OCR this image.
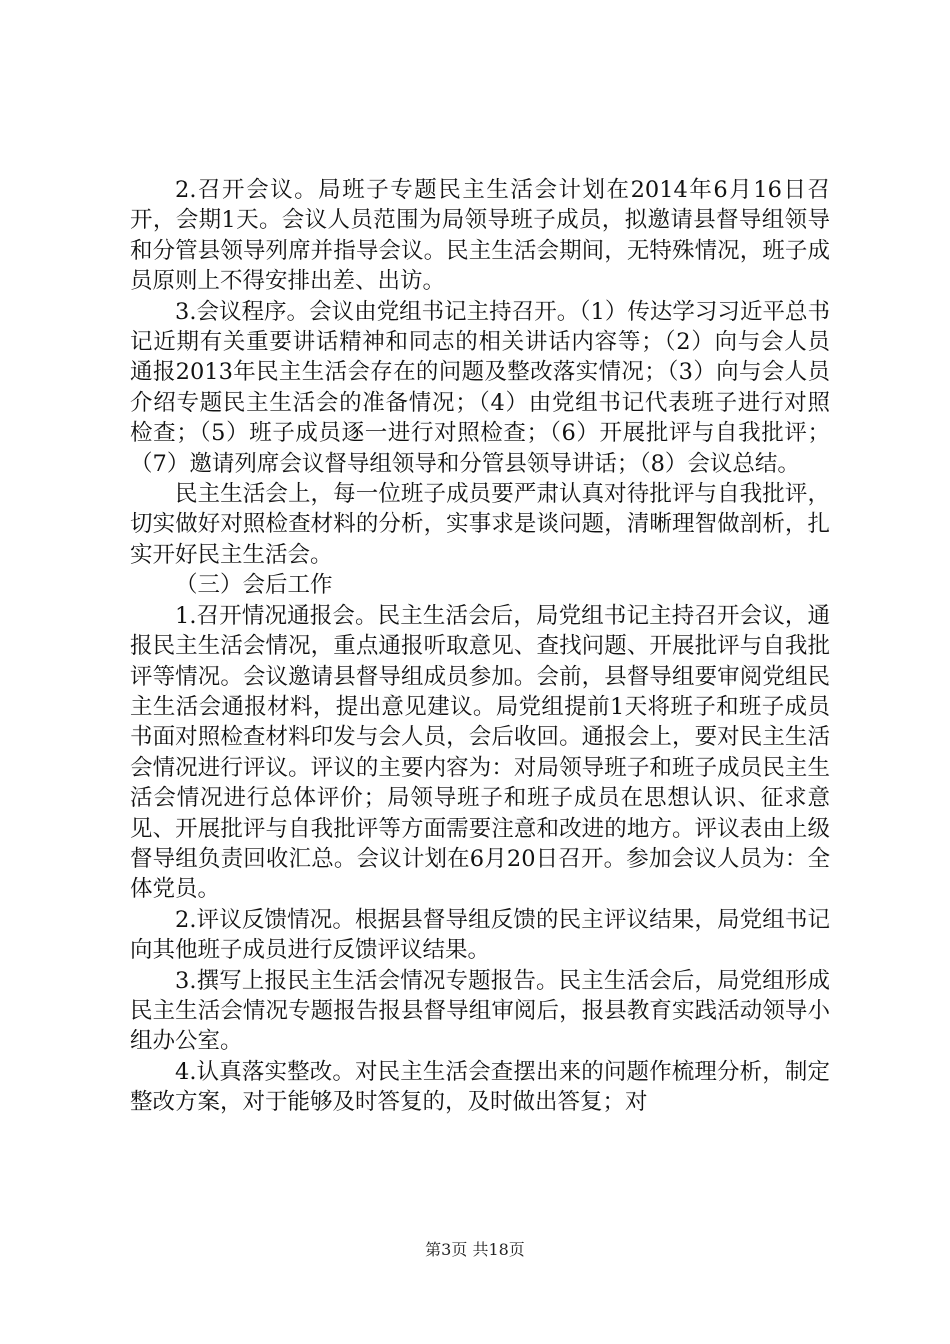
2.召开会议。局班子专题民主生活会计划在2014年6月16日召开，会期1天。会议人员范围为局领导班子成员，拟邀请县督导组领导和分管县领导列席并指导会议。民主生活会期间，无特殊情况，班子成员原则上不得安排出差、出访。

3.会议程序。会议由党组书记主持召开。（1）传达学习习近平总书记近期有关重要讲话精神和同志的相关讲话内容等；（2）向与会人员通报2013年民主生活会存在的问题及整改落实情况；（3）向与会人员介绍专题民主生活会的准备情况；（4）由党组书记代表班子进行对照检查；（5）班子成员逐一进行对照检查；（6）开展批评与自我批评；（7）邀请列席会议督导组领导和分管县领导讲话；（8）会议总结。

民主生活会上，每一位班子成员要严肃认真对待批评与自我批评，切实做好对照检查材料的分析，实事求是谈问题，清晰理智做剖析，扎实开好民主生活会。

（三）会后工作

1.召开情况通报会。民主生活会后，局党组书记主持召开会议，通报民主生活会情况，重点通报听取意见、查找问题、开展批评与自我批评等情况。会议邀请县督导组成员参加。会前，县督导组要审阅党组民主生活会通报材料，提出意见建议。局党组提前1天将班子和班子成员书面对照检查材料印发与会人员，会后收回。通报会上，要对民主生活会情况进行评议。评议的主要内容为：对局领导班子和班子成员民主生活会情况进行总体评价；局领导班子和班子成员在思想认识、征求意见、开展批评与自我批评等方面需要注意和改进的地方。评议表由上级督导组负责回收汇总。会议计划在6月20日召开。参加会议人员为：全体党员。

2.评议反馈情况。根据县督导组反馈的民主评议结果，局党组书记向其他班子成员进行反馈评议结果。

3.撰写上报民主生活会情况专题报告。民主生活会后，局党组形成民主生活会情况专题报告报县督导组审阅后，报县教育实践活动领导小组办公室。

4.认真落实整改。对民主生活会查摆出来的问题作梳理分析，制定整改方案，对于能够及时答复的，及时做出答复；对

第3页 共18页
